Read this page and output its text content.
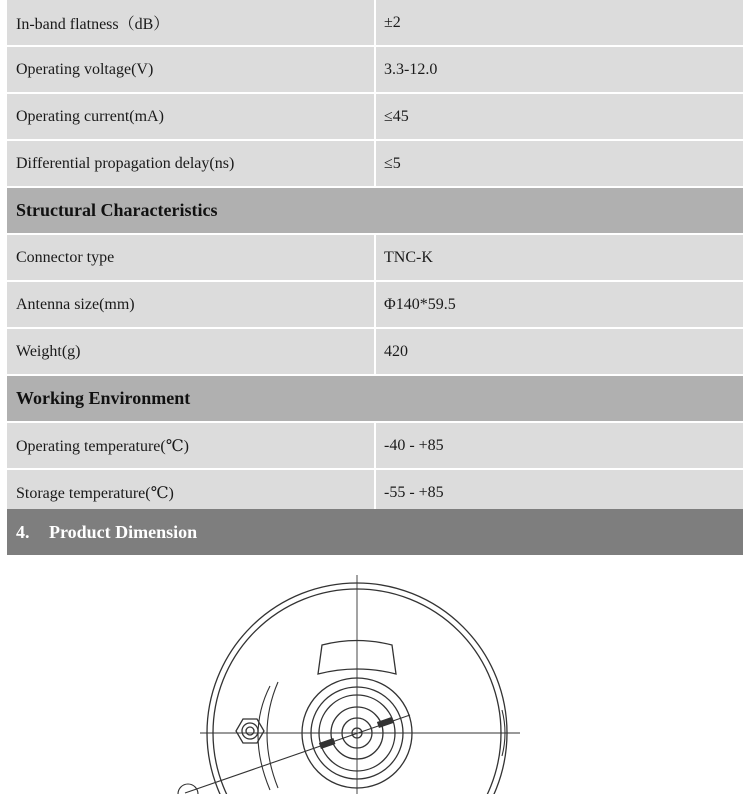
In-band flatness（dB）	±2
Operating voltage(V)	3.3-12.0
Operating current(mA)	≤45
Differential propagation delay(ns)	≤5
Structural Characteristics	
Connector type	TNC-K
Antenna size(mm)	Φ140*59.5
Weight(g)	420
Working Environment	
Operating temperature(℃)	-40 - +85
Storage temperature(℃)	-55 - +85
4. Product Dimension
